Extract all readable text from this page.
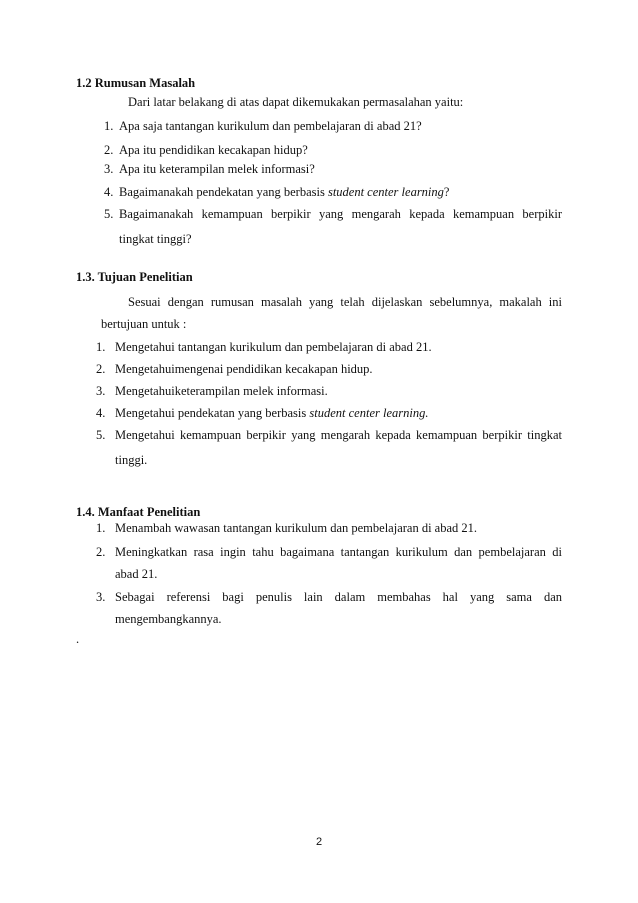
1.2 Rumusan Masalah
Dari latar belakang di atas dapat dikemukakan permasalahan yaitu:
1. Apa saja tantangan kurikulum dan pembelajaran di abad 21?
2. Apa itu pendidikan kecakapan hidup?
3. Apa itu keterampilan melek informasi?
4. Bagaimanakah pendekatan yang berbasis student center learning?
5. Bagaimanakah kemampuan berpikir yang mengarah kepada kemampuan berpikir
tingkat tinggi?
1.3. Tujuan Penelitian
Sesuai dengan rumusan masalah yang telah dijelaskan sebelumnya, makalah ini
bertujuan untuk :
1. Mengetahui tantangan kurikulum dan pembelajaran di abad 21.
2. Mengetahuimengenai pendidikan kecakapan hidup.
3. Mengetahuiketerampilan melek informasi.
4. Mengetahui pendekatan yang berbasis student center learning.
5. Mengetahui kemampuan berpikir yang mengarah kepada kemampuan berpikir tingkat
tinggi.
1.4. Manfaat Penelitian
1. Menambah wawasan tantangan kurikulum dan pembelajaran di abad 21.
2. Meningkatkan rasa ingin tahu bagaimana tantangan kurikulum dan pembelajaran di
abad 21.
3. Sebagai referensi bagi penulis lain dalam membahas hal yang sama dan
mengembangkannya.
.
2
